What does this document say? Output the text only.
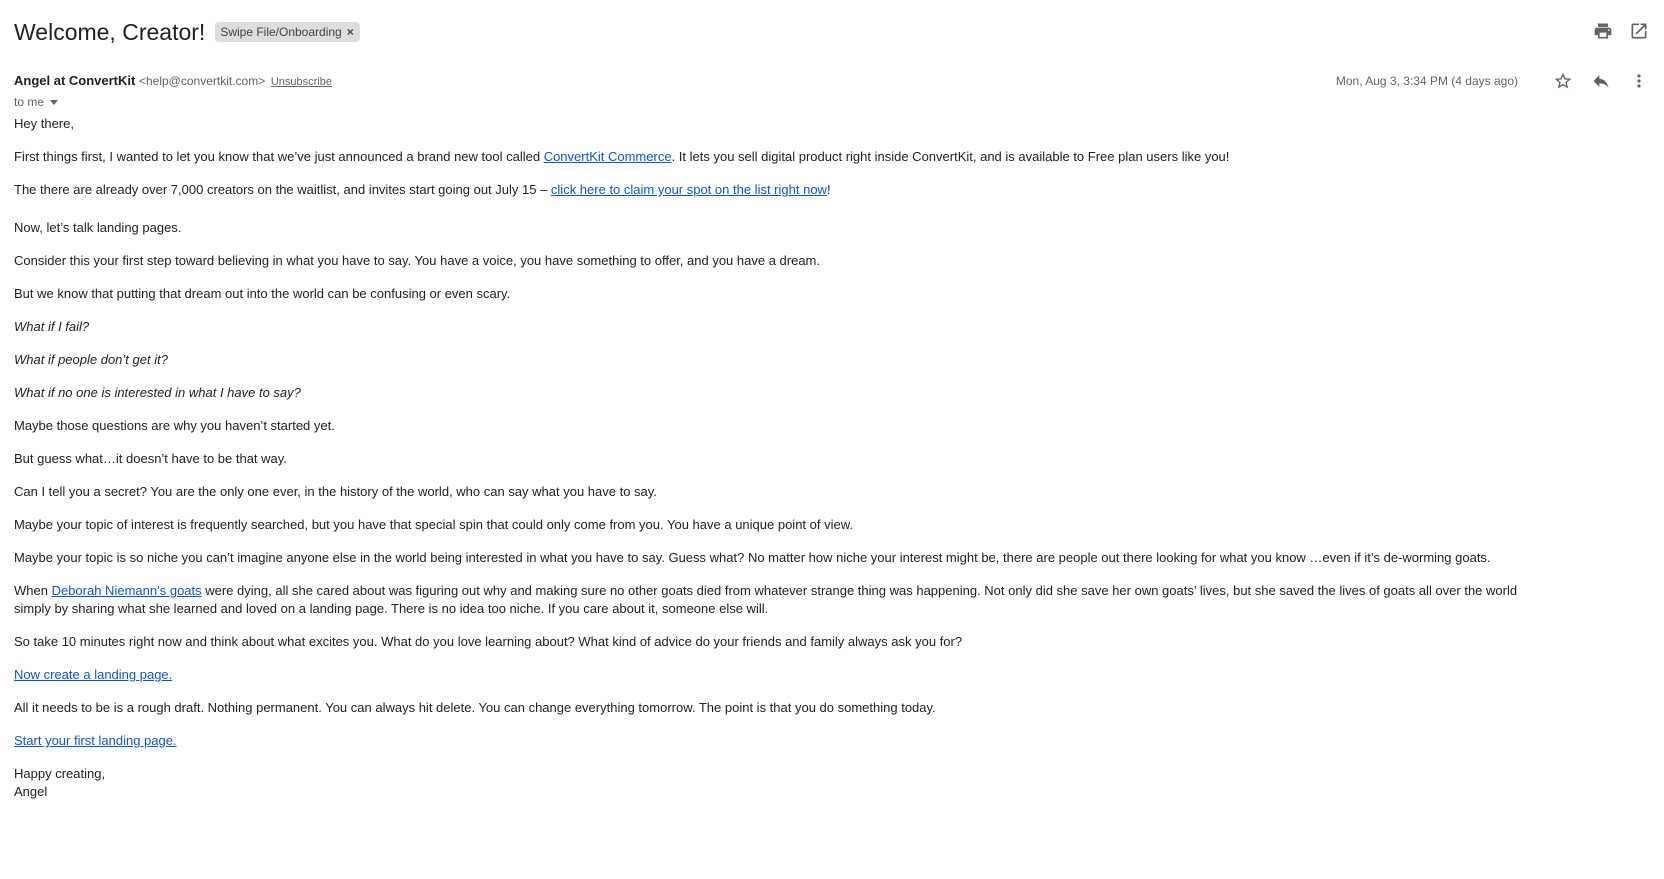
Welcome, Creator! Swipe File/Onboarding ×
Angel at ConvertKit <help@convertkit.com> Unsubscribe
to me
Mon, Aug 3, 3:34 PM (4 days ago)

Hey there,

First things first, I wanted to let you know that we’ve just announced a brand new tool called ConvertKit Commerce. It lets you sell digital product right inside ConvertKit, and is available to Free plan users like you!

The there are already over 7,000 creators on the waitlist, and invites start going out July 15 – click here to claim your spot on the list right now!

Now, let’s talk landing pages.

Consider this your first step toward believing in what you have to say. You have a voice, you have something to offer, and you have a dream.

But we know that putting that dream out into the world can be confusing or even scary.

What if I fail?

What if people don’t get it?

What if no one is interested in what I have to say?

Maybe those questions are why you haven’t started yet.

But guess what…it doesn’t have to be that way.

Can I tell you a secret? You are the only one ever, in the history of the world, who can say what you have to say.

Maybe your topic of interest is frequently searched, but you have that special spin that could only come from you. You have a unique point of view.

Maybe your topic is so niche you can’t imagine anyone else in the world being interested in what you have to say. Guess what? No matter how niche your interest might be, there are people out there looking for what you know …even if it’s de-worming goats.

When Deborah Niemann’s goats were dying, all she cared about was figuring out why and making sure no other goats died from whatever strange thing was happening. Not only did she save her own goats’ lives, but she saved the lives of goats all over the world simply by sharing what she learned and loved on a landing page. There is no idea too niche. If you care about it, someone else will.

So take 10 minutes right now and think about what excites you. What do you love learning about? What kind of advice do your friends and family always ask you for?

Now create a landing page.

All it needs to be is a rough draft. Nothing permanent. You can always hit delete. You can change everything tomorrow. The point is that you do something today.

Start your first landing page.

Happy creating,
Angel
